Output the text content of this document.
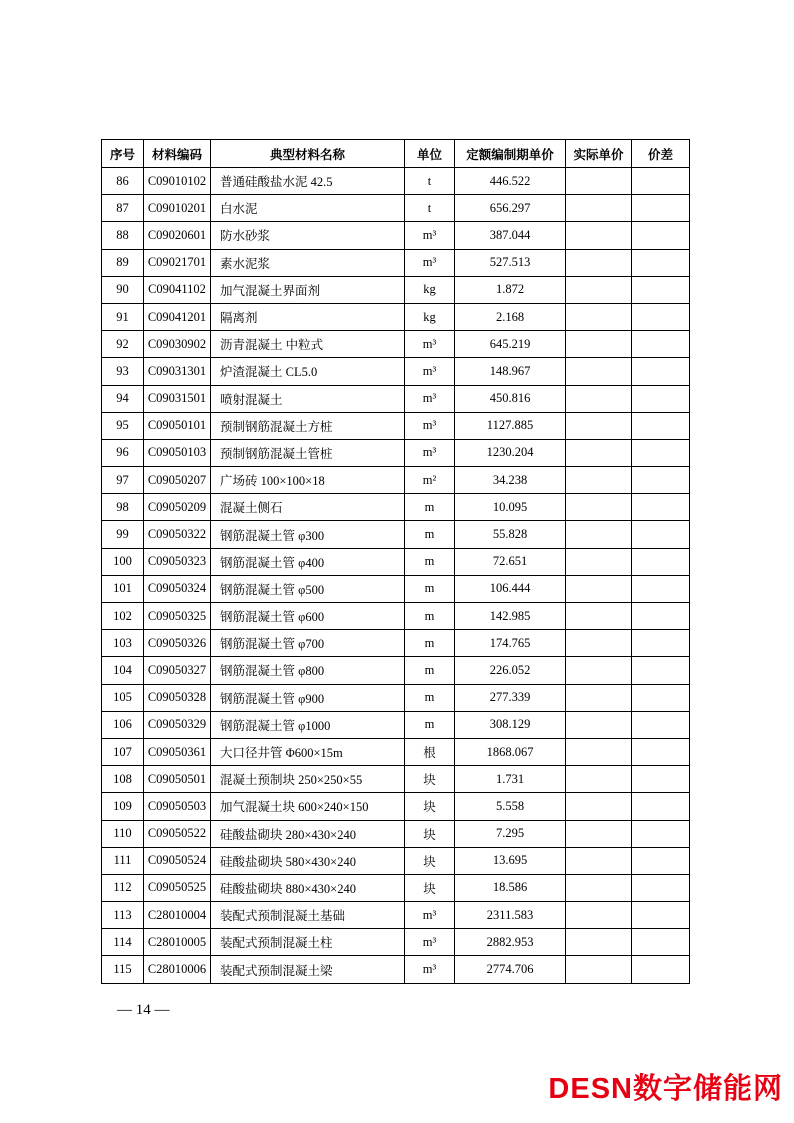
序号	材料编码	典型材料名称	单位	定额编制期单价	实际单价	价差
86	C09010102	普通硅酸盐水泥 42.5	t	446.522		
87	C09010201	白水泥	t	656.297		
88	C09020601	防水砂浆	m³	387.044		
89	C09021701	素水泥浆	m³	527.513		
90	C09041102	加气混凝土界面剂	kg	1.872		
91	C09041201	隔离剂	kg	2.168		
92	C09030902	沥青混凝土 中粒式	m³	645.219		
93	C09031301	炉渣混凝土 CL5.0	m³	148.967		
94	C09031501	喷射混凝土	m³	450.816		
95	C09050101	预制钢筋混凝土方桩	m³	1127.885		
96	C09050103	预制钢筋混凝土管桩	m³	1230.204		
97	C09050207	广场砖 100×100×18	m²	34.238		
98	C09050209	混凝土侧石	m	10.095		
99	C09050322	钢筋混凝土管 φ300	m	55.828		
100	C09050323	钢筋混凝土管 φ400	m	72.651		
101	C09050324	钢筋混凝土管 φ500	m	106.444		
102	C09050325	钢筋混凝土管 φ600	m	142.985		
103	C09050326	钢筋混凝土管 φ700	m	174.765		
104	C09050327	钢筋混凝土管 φ800	m	226.052		
105	C09050328	钢筋混凝土管 φ900	m	277.339		
106	C09050329	钢筋混凝土管 φ1000	m	308.129		
107	C09050361	大口径井管 Φ600×15m	根	1868.067		
108	C09050501	混凝土预制块 250×250×55	块	1.731		
109	C09050503	加气混凝土块 600×240×150	块	5.558		
110	C09050522	硅酸盐砌块 280×430×240	块	7.295		
111	C09050524	硅酸盐砌块 580×430×240	块	13.695		
112	C09050525	硅酸盐砌块 880×430×240	块	18.586		
113	C28010004	装配式预制混凝土基础	m³	2311.583		
114	C28010005	装配式预制混凝土柱	m³	2882.953		
115	C28010006	装配式预制混凝土梁	m³	2774.706		
— 14 —
DESN数字储能网
